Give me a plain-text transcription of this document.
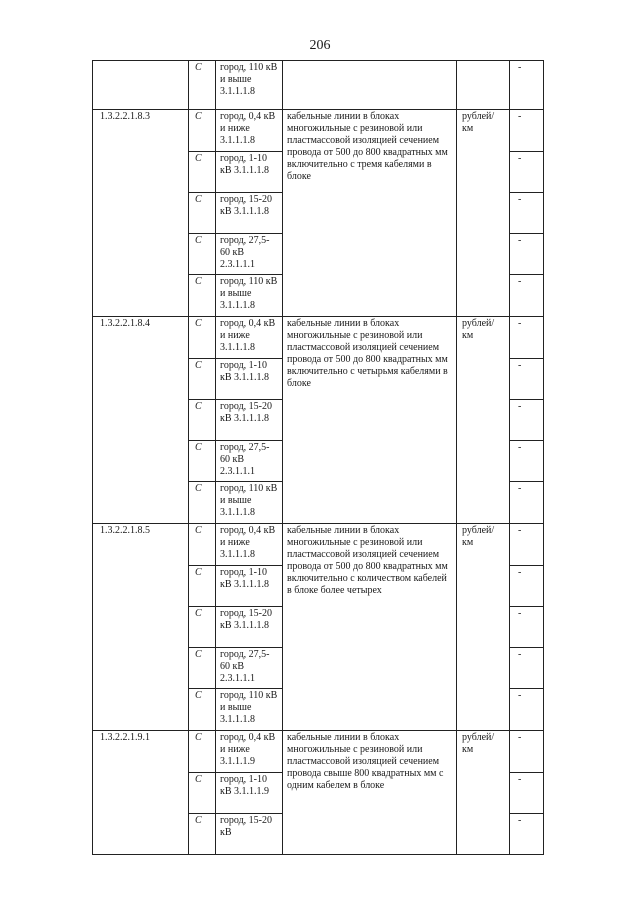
206
	С	город, 110 кВ и выше 3.1.1.1.8			-
1.3.2.2.1.8.3	С	город, 0,4 кВ и ниже 3.1.1.1.8	кабельные линии в блоках многожильные с резиновой или пластмассовой изоляцией сечением провода от 500 до 800 квадратных мм включительно с тремя кабелями в блоке	рублей/ км	-
	С	город, 1-10 кВ 3.1.1.1.8			-
	С	город, 15-20 кВ 3.1.1.1.8			-
	С	город, 27,5-60 кВ 2.3.1.1.1			-
	С	город, 110 кВ и выше 3.1.1.1.8			-
1.3.2.2.1.8.4	С	город, 0,4 кВ и ниже 3.1.1.1.8	кабельные линии в блоках многожильные с резиновой или пластмассовой изоляцией сечением провода от 500 до 800 квадратных мм включительно с четырьмя кабелями в блоке	рублей/ км	-
	С	город, 1-10 кВ 3.1.1.1.8			-
	С	город, 15-20 кВ 3.1.1.1.8			-
	С	город, 27,5-60 кВ 2.3.1.1.1			-
	С	город, 110 кВ и выше 3.1.1.1.8			-
1.3.2.2.1.8.5	С	город, 0,4 кВ и ниже 3.1.1.1.8	кабельные линии в блоках многожильные с резиновой или пластмассовой изоляцией сечением провода от 500 до 800 квадратных мм включительно с количеством кабелей в блоке более четырех	рублей/ км	-
	С	город, 1-10 кВ 3.1.1.1.8			-
	С	город, 15-20 кВ 3.1.1.1.8			-
	С	город, 27,5-60 кВ 2.3.1.1.1			-
	С	город, 110 кВ и выше 3.1.1.1.8			-
1.3.2.2.1.9.1	С	город, 0,4 кВ и ниже 3.1.1.1.9	кабельные линии в блоках многожильные с резиновой или пластмассовой изоляцией сечением провода свыше 800 квадратных мм с одним кабелем в блоке	рублей/ км	-
	С	город, 1-10 кВ 3.1.1.1.9			-
	С	город, 15-20 кВ			-
